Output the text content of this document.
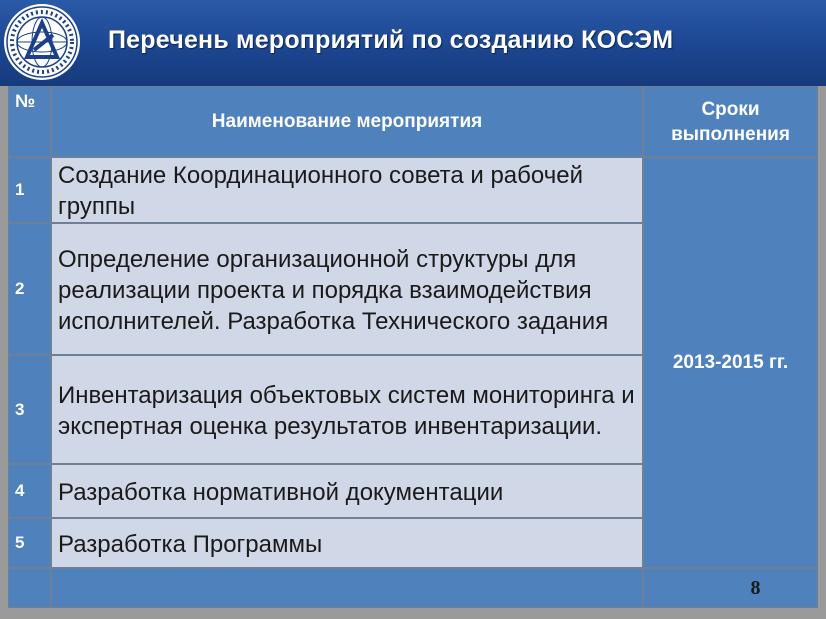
Перечень мероприятий по созданию КОСЭМ
№
Наименование мероприятия
Сроки выполнения
1
Создание Координационного совета и рабочей группы
2
Определение организационной структуры для реализации проекта и порядка взаимодействия исполнителей. Разработка Технического задания
3
Инвентаризация объектовых систем мониторинга и экспертная оценка результатов инвентаризации.
4	Разработка нормативной документации
5	Разработка Программы
2013-2015 гг.
8
